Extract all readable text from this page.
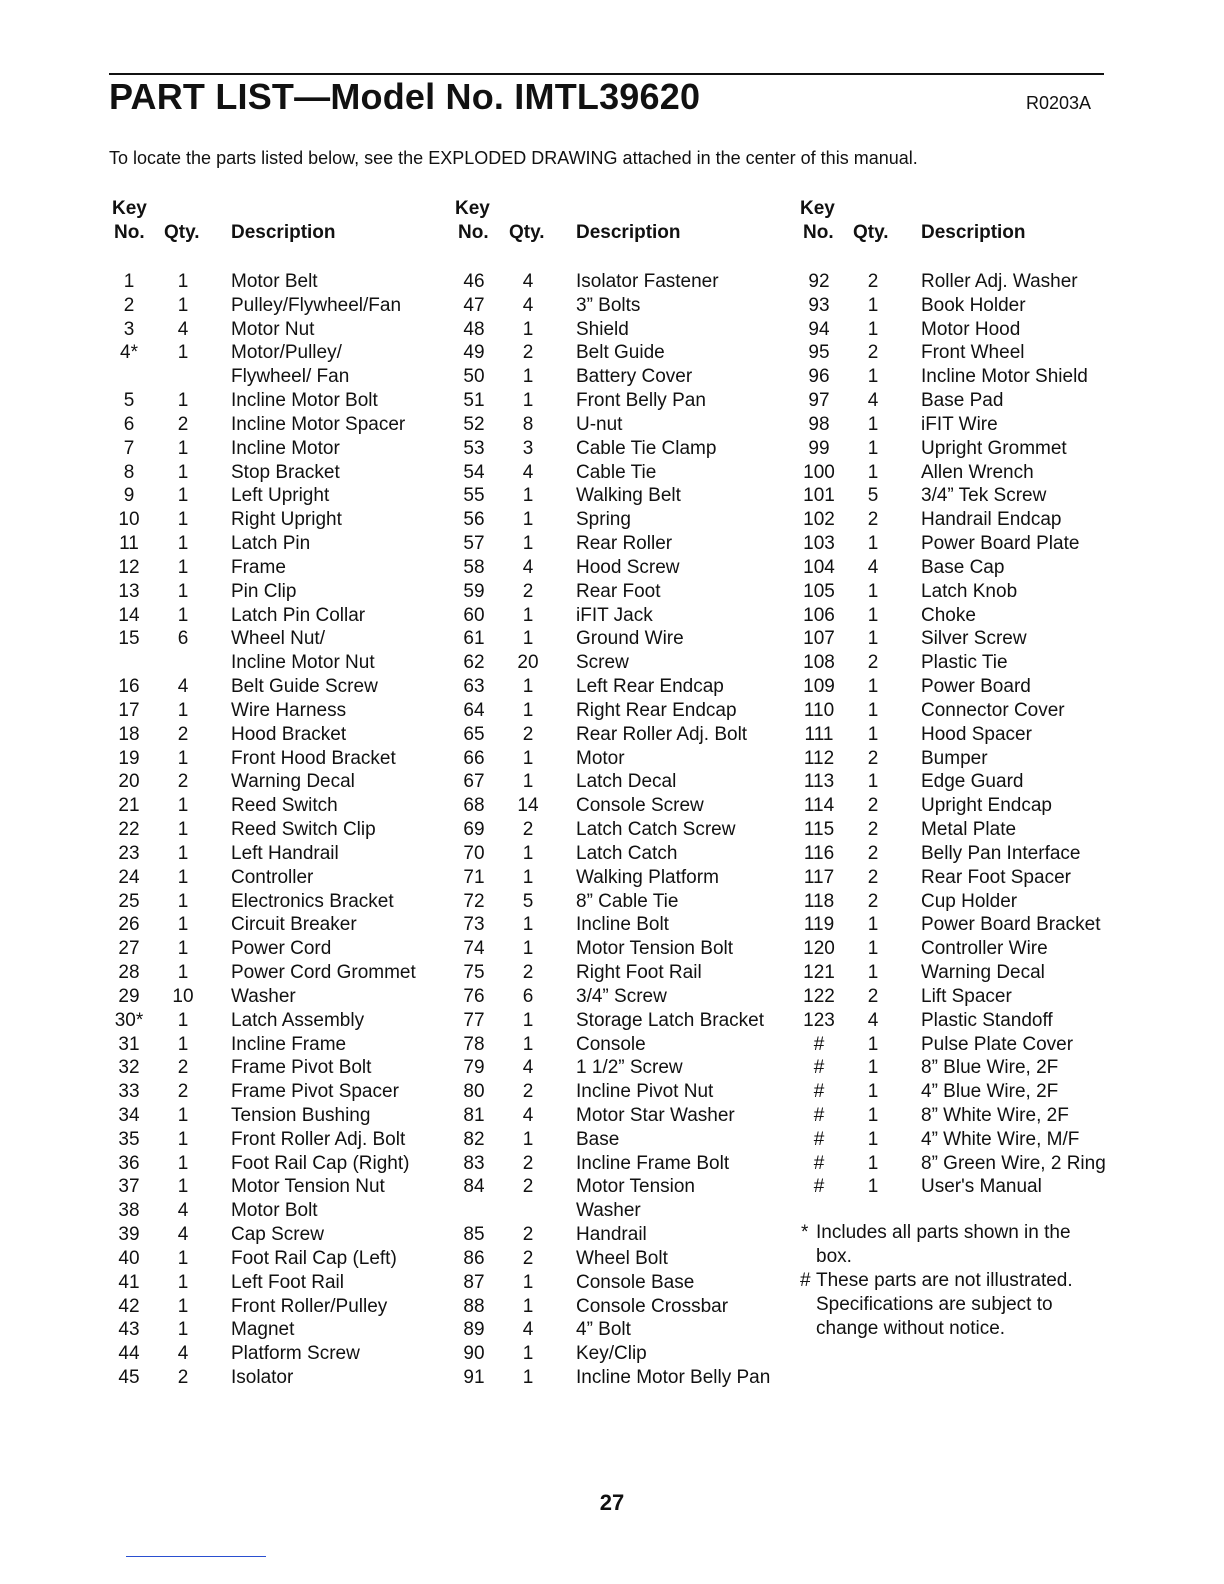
PART LIST—Model No. IMTL39620	R0203A
To locate the parts listed below, see the EXPLODED DRAWING attached in the center of this manual.
Key
No. Qty. Description
Key
No. Qty. Description
Key
No. Qty. Description
1	1	Motor Belt
2	1	Pulley/Flywheel/Fan
3	4	Motor Nut
4*	1	Motor/Pulley/
Flywheel/ Fan
5	1	Incline Motor Bolt
6	2	Incline Motor Spacer
7	1	Incline Motor
8	1	Stop Bracket
9	1	Left Upright
10	1	Right Upright
11	1	Latch Pin
12	1	Frame
13	1	Pin Clip
14	1	Latch Pin Collar
15	6	Wheel Nut/
Incline Motor Nut
16	4	Belt Guide Screw
17	1	Wire Harness
18	2	Hood Bracket
19	1	Front Hood Bracket
20	2	Warning Decal
21	1	Reed Switch
22	1	Reed Switch Clip
23	1	Left Handrail
24	1	Controller
25	1	Electronics Bracket
26	1	Circuit Breaker
27	1	Power Cord
28	1	Power Cord Grommet
29	10 Washer
30*	1	Latch Assembly
31	1	Incline Frame
32	2	Frame Pivot Bolt
33	2	Frame Pivot Spacer
34	1	Tension Bushing
35	1	Front Roller Adj. Bolt
36	1	Foot Rail Cap (Right)
37	1	Motor Tension Nut
38	4	Motor Bolt
39	4	Cap Screw
40	1	Foot Rail Cap (Left)
41	1	Left Foot Rail
42	1	Front Roller/Pulley
43	1	Magnet
44	4	Platform Screw
45	2	Isolator
46	4	Isolator Fastener
47	4	3” Bolts
48	1	Shield
49	2	Belt Guide
50	1	Battery Cover
51	1	Front Belly Pan
52	8	U-nut
53	3	Cable Tie Clamp
54	4	Cable Tie
55	1	Walking Belt
56	1	Spring
57	1	Rear Roller
58	4	Hood Screw
59	2	Rear Foot
60	1	iFIT Jack
61	1	Ground Wire
62	20 Screw
63	1	Left Rear Endcap
64	1	Right Rear Endcap
65	2	Rear Roller Adj. Bolt
66	1	Motor
67	1	Latch Decal
68	14 Console Screw
69	2	Latch Catch Screw
70	1	Latch Catch
71	1	Walking Platform
72	5	8” Cable Tie
73	1	Incline Bolt
74	1	Motor Tension Bolt
75	2	Right Foot Rail
76	6	3/4” Screw
77	1	Storage Latch Bracket
78	1	Console
79	4	1 1/2” Screw
80	2	Incline Pivot Nut
81	4	Motor Star Washer
82	1	Base
83	2	Incline Frame Bolt
84	2	Motor Tension
Washer
85	2	Handrail
86	2	Wheel Bolt
87	1	Console Base
88	1	Console Crossbar
89	4	4” Bolt
90	1	Key/Clip
91	1	Incline Motor Belly Pan
92	2	Roller Adj. Washer
93	1	Book Holder
94	1	Motor Hood
95	2	Front Wheel
96	1	Incline Motor Shield
97	4	Base Pad
98	1	iFIT Wire
99	1	Upright Grommet
100	1	Allen Wrench
101	5	3/4” Tek Screw
102	2	Handrail Endcap
103	1	Power Board Plate
104	4	Base Cap
105	1	Latch Knob
106	1	Choke
107	1	Silver Screw
108	2	Plastic Tie
109	1	Power Board
110	1	Connector Cover
111	1	Hood Spacer
112	2	Bumper
113	1	Edge Guard
114	2	Upright Endcap
115	2	Metal Plate
116	2	Belly Pan Interface
117	2	Rear Foot Spacer
118	2	Cup Holder
119	1	Power Board Bracket
120	1	Controller Wire
121	1	Warning Decal
122	2	Lift Spacer
123	4	Plastic Standoff
#	1	Pulse Plate Cover
#	1	8” Blue Wire, 2F
#	1	4” Blue Wire, 2F
#	1	8” White Wire, 2F
#	1	4” White Wire, M/F
#	1	8” Green Wire, 2 Ring
#	1	User's Manual
* Includes all parts shown in the
box.
# These parts are not illustrated.
Specifications are subject to
change without notice.
27
